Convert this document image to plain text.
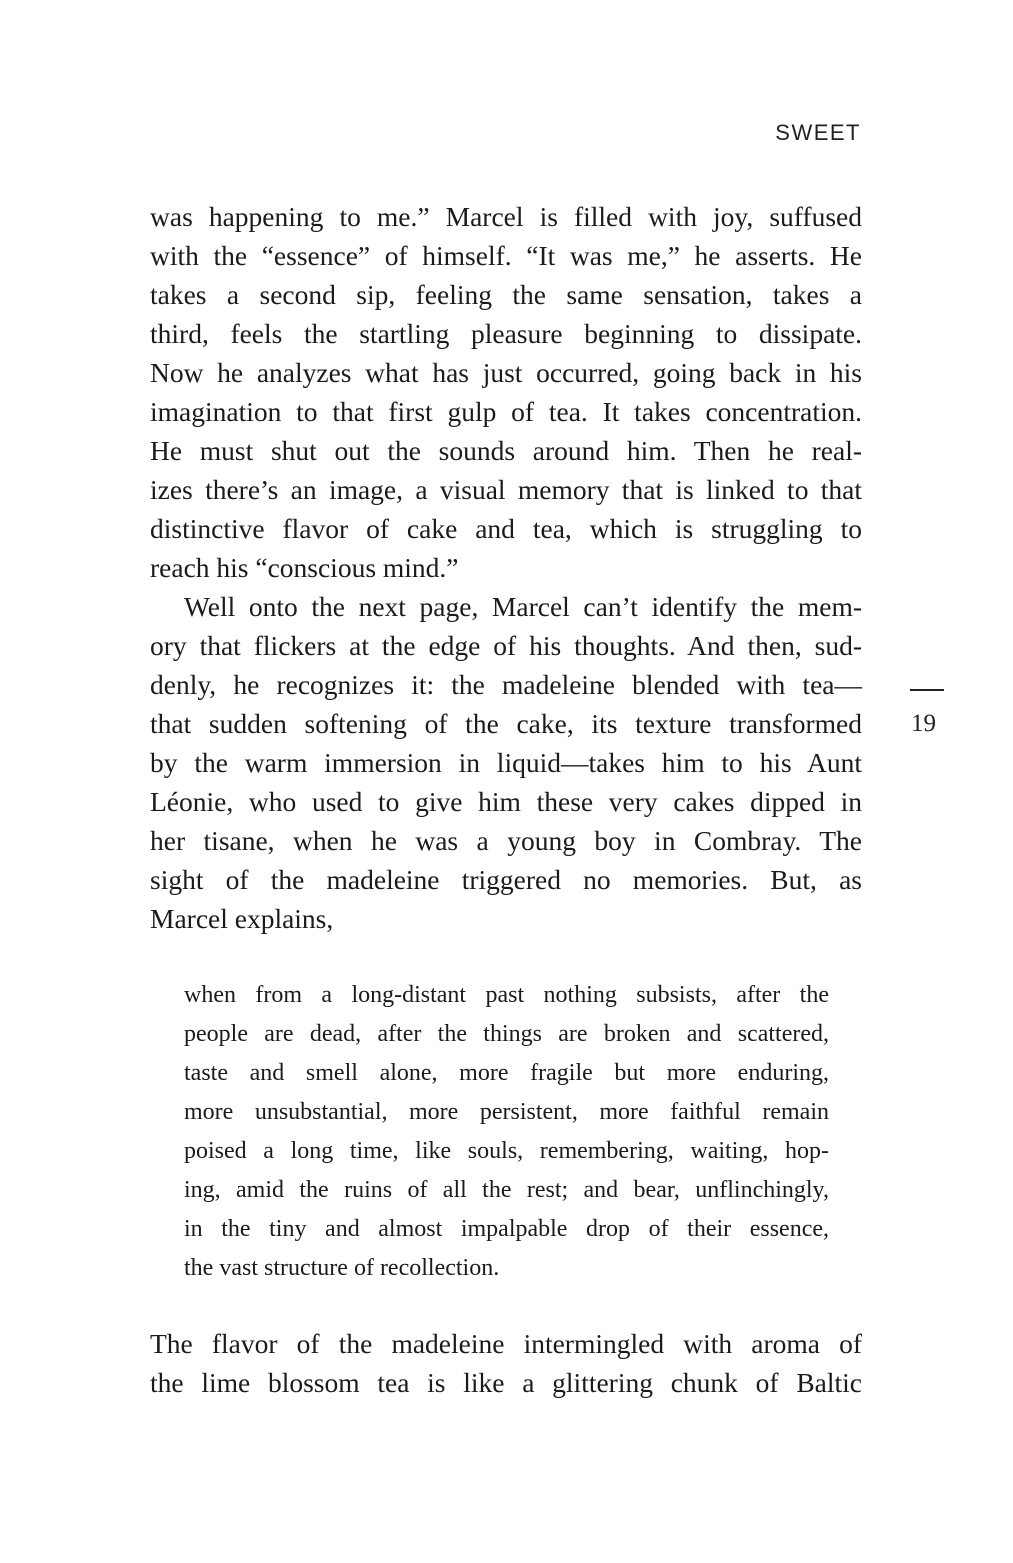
SWEET
19
was happening to me.” Marcel is filled with joy, suffused
with the “essence” of himself. “It was me,” he asserts. He
takes a second sip, feeling the same sensation, takes a
third, feels the startling pleasure beginning to dissipate.
Now he analyzes what has just occurred, going back in his
imagination to that first gulp of tea. It takes concentration.
He must shut out the sounds around him. Then he real-
izes there’s an image, a visual memory that is linked to that
distinctive flavor of cake and tea, which is struggling to
reach his “conscious mind.”
Well onto the next page, Marcel can’t identify the mem-
ory that flickers at the edge of his thoughts. And then, sud-
denly, he recognizes it: the madeleine blended with tea—
that sudden softening of the cake, its texture transformed
by the warm immersion in liquid—takes him to his Aunt
Léonie, who used to give him these very cakes dipped in
her tisane, when he was a young boy in Combray. The
sight of the madeleine triggered no memories. But, as
Marcel explains,
when from a long-distant past nothing subsists, after the
people are dead, after the things are broken and scattered,
taste and smell alone, more fragile but more enduring,
more unsubstantial, more persistent, more faithful remain
poised a long time, like souls, remembering, waiting, hop-
ing, amid the ruins of all the rest; and bear, unflinchingly,
in the tiny and almost impalpable drop of their essence,
the vast structure of recollection.
The flavor of the madeleine intermingled with aroma of
the lime blossom tea is like a glittering chunk of Baltic
